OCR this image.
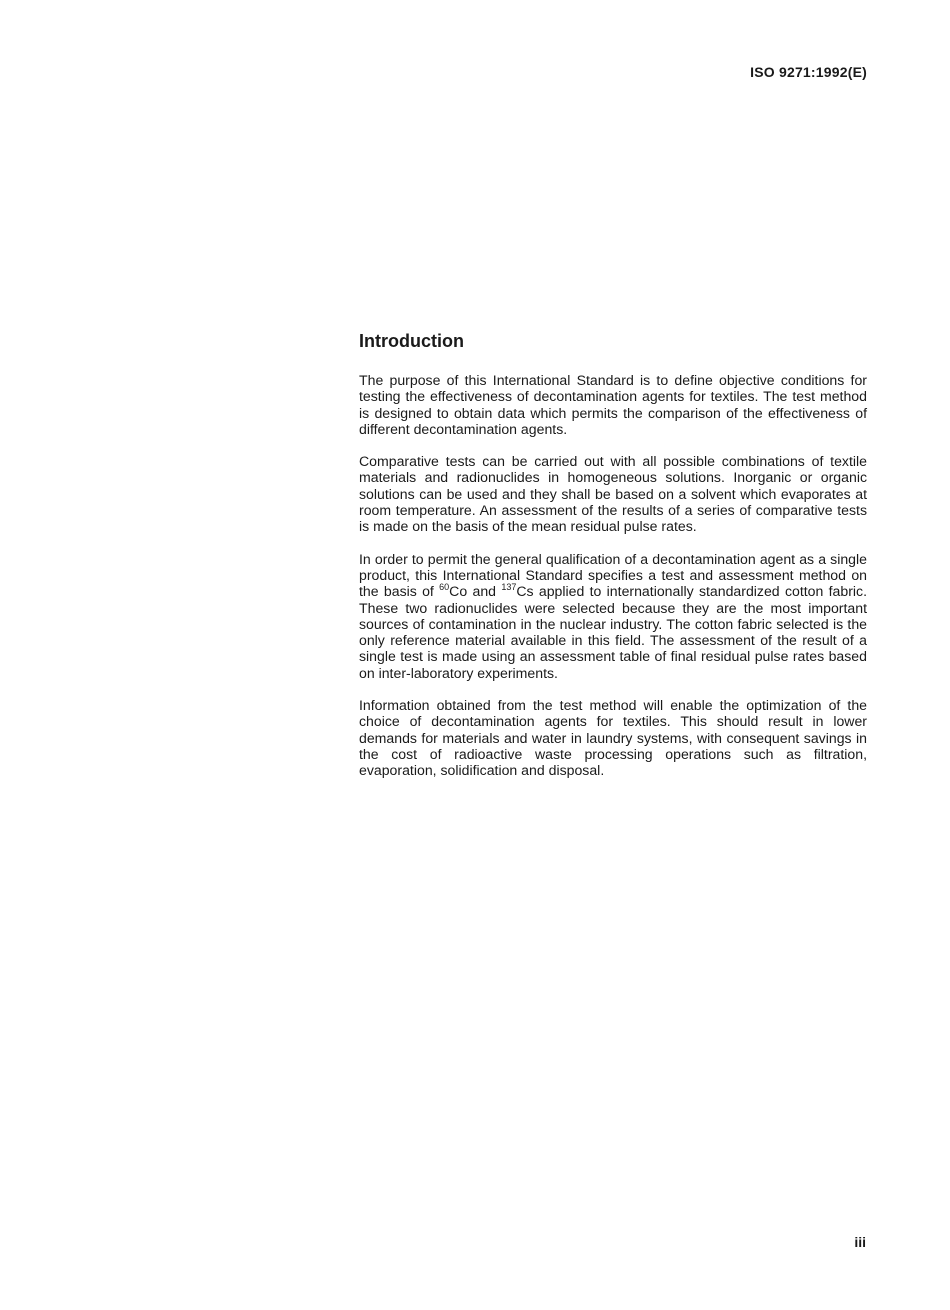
ISO 9271:1992(E)
Introduction

The purpose of this International Standard is to define objective conditions for testing the effectiveness of decontamination agents for textiles. The test method is designed to obtain data which permits the comparison of the effectiveness of different decontamination agents.

Comparative tests can be carried out with all possible combinations of textile materials and radionuclides in homogeneous solutions. Inorganic or organic solutions can be used and they shall be based on a solvent which evaporates at room temperature. An assessment of the results of a series of comparative tests is made on the basis of the mean residual pulse rates.

In order to permit the general qualification of a decontamination agent as a single product, this International Standard specifies a test and assessment method on the basis of $^{60}$Co and $^{137}$Cs applied to internationally standardized cotton fabric. These two radionuclides were selected because they are the most important sources of contamination in the nuclear industry. The cotton fabric selected is the only reference material available in this field. The assessment of the result of a single test is made using an assessment table of final residual pulse rates based on inter-laboratory experiments.

Information obtained from the test method will enable the optimization of the choice of decontamination agents for textiles. This should result in lower demands for materials and water in laundry systems, with consequent savings in the cost of radioactive waste processing operations such as filtration, evaporation, solidification and disposal.

iii
